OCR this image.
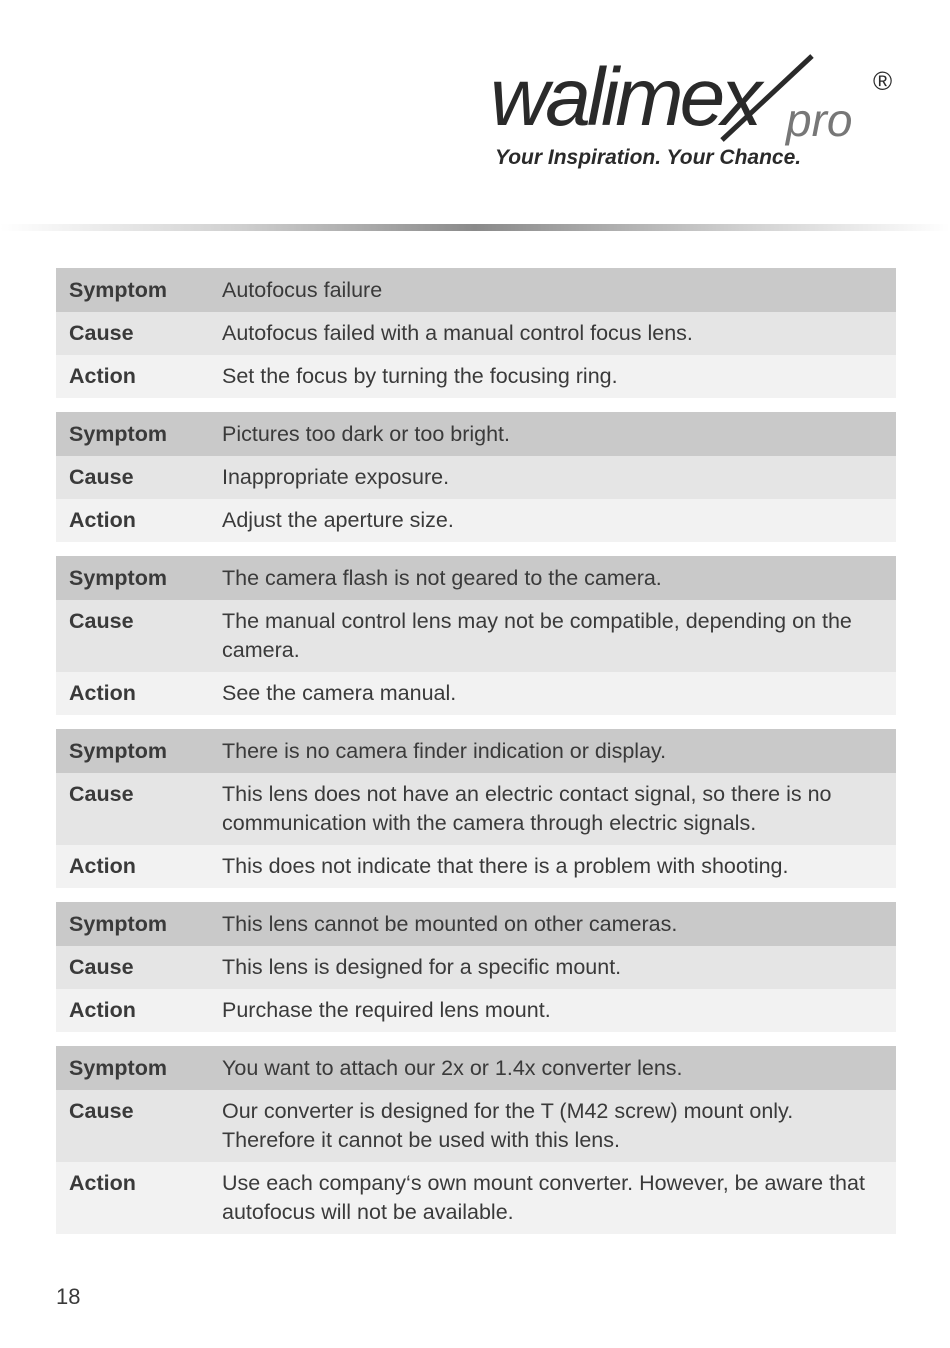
walimex pro
®
Your Inspiration. Your Chance.
Symptom	Autofocus failure
Cause	Autofocus failed with a manual control focus lens.
Action	Set the focus by turning the focusing ring.
Symptom	Pictures too dark or too bright.
Cause	Inappropriate exposure.
Action	Adjust the aperture size.
Symptom	The camera flash is not geared to the camera.
Cause	The manual control lens may not be compatible, depending on the camera.
Action	See the camera manual.
Symptom	There is no camera finder indication or display.
Cause	This lens does not have an electric contact signal, so there is no communication with the camera through electric signals.
Action	This does not indicate that there is a problem with shooting.
Symptom	This lens cannot be mounted on other cameras.
Cause	This lens is designed for a specific mount.
Action	Purchase the required lens mount.
Symptom	You want to attach our 2x or 1.4x converter lens.
Cause	Our converter is designed for the T (M42 screw) mount only. Therefore it cannot be used with this lens.
Action	Use each company‘s own mount converter. However, be aware that autofocus will not be available.
18
